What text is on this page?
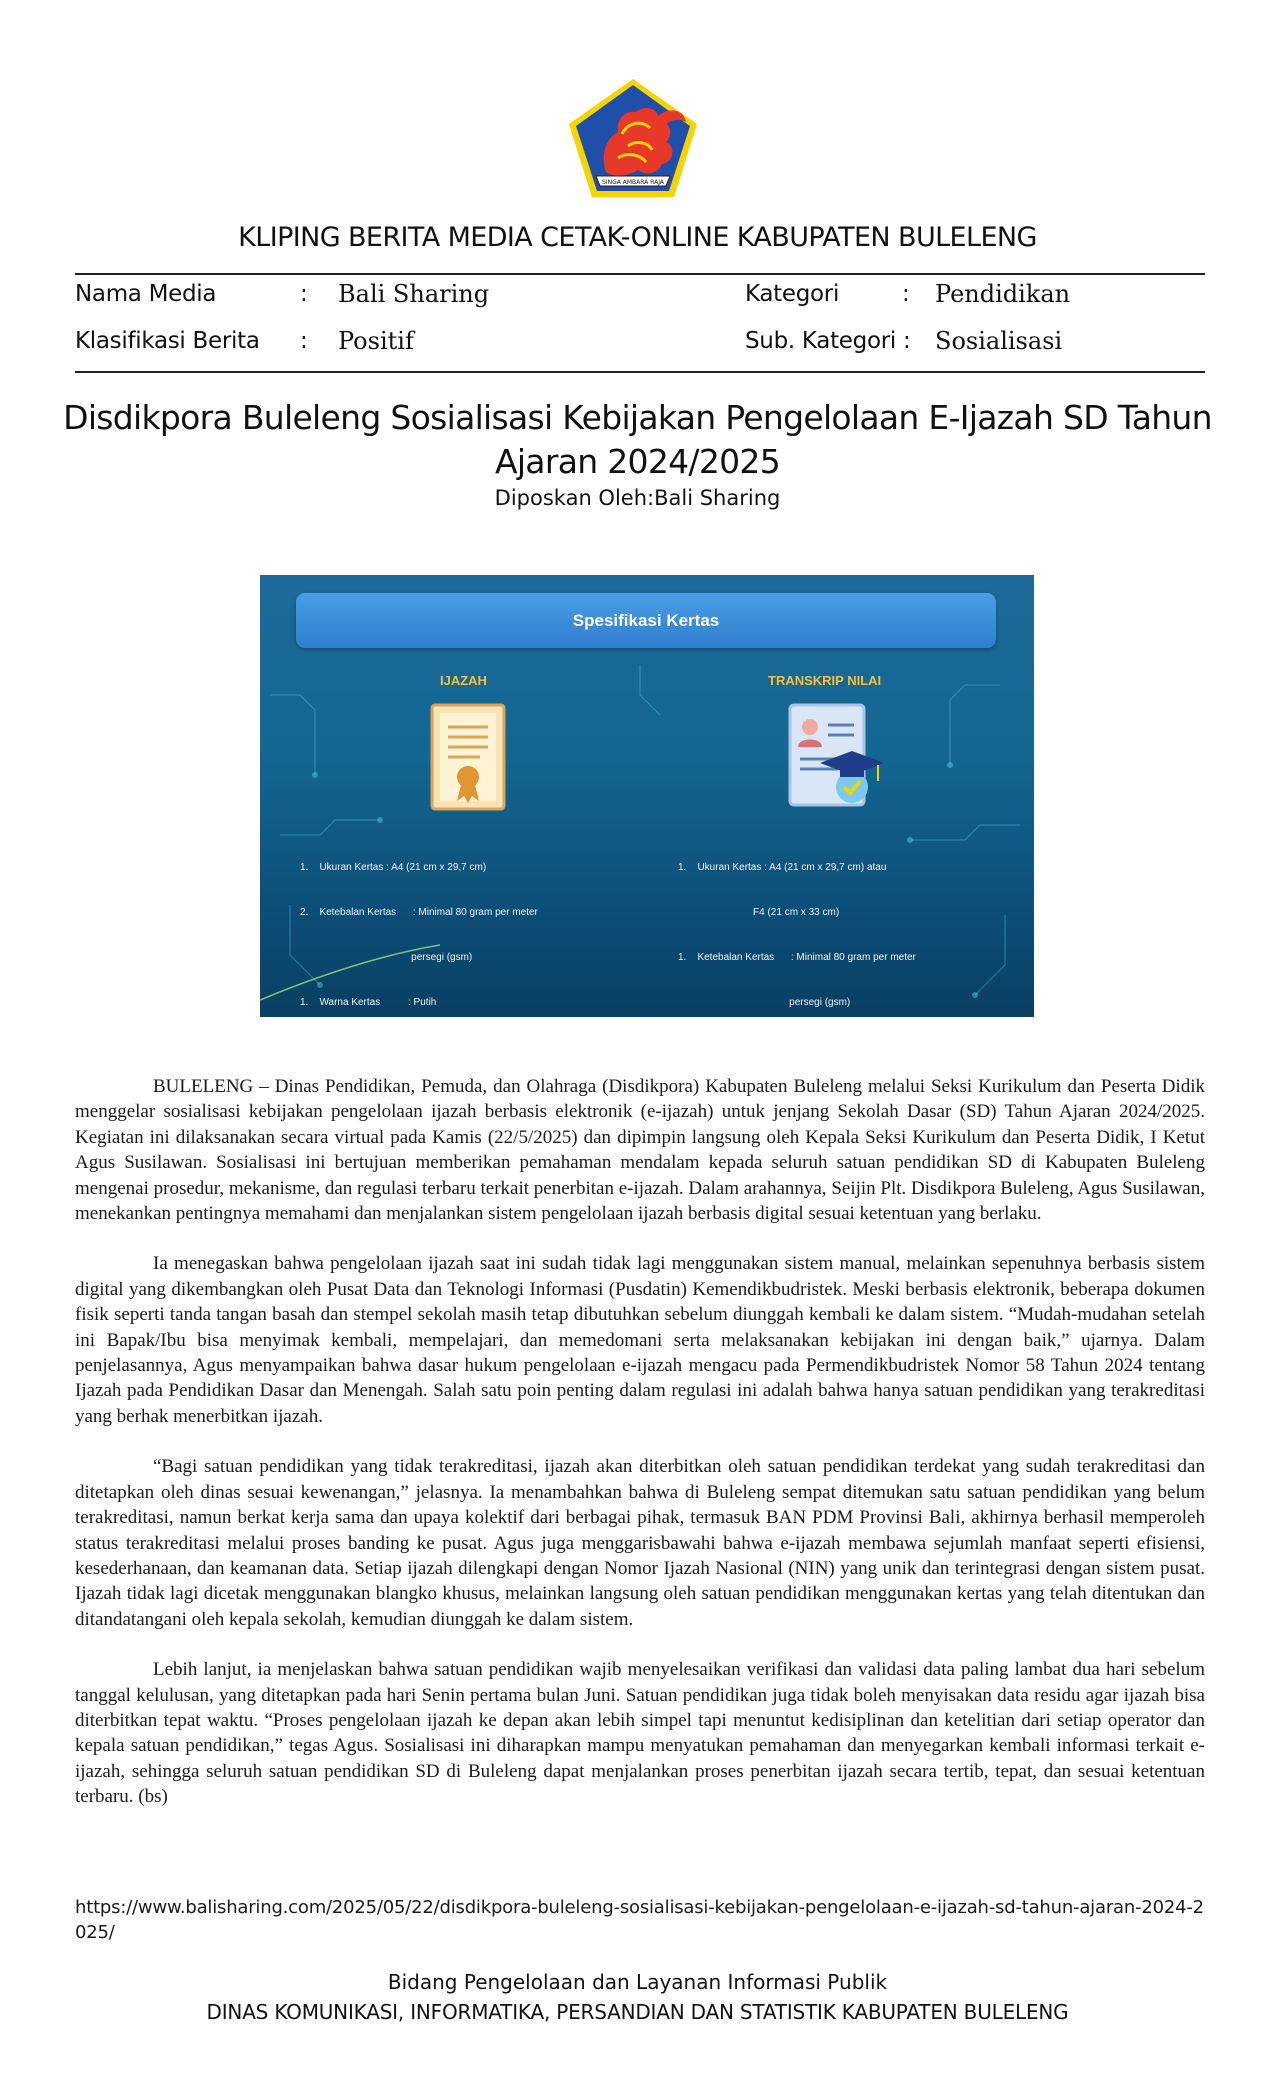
SINGA AMBARA RAJA
KLIPING BERITA MEDIA CETAK-ONLINE KABUPATEN BULELENG
Nama Media	: Bali Sharing
Klasifikasi Berita : Positif
Kategori	: Pendidikan
Sub. Kategori : Sosialisasi
Disdikpora Buleleng Sosialisasi Kebijakan Pengelolaan E-Ijazah SD Tahun Ajaran 2024/2025
Diposkan Oleh:Bali Sharing
Spesifikasi Kertas
IJAZAH	TRANSKRIP NILAI

1.    Ukuran Kertas : A4 (21 cm x 29,7 cm)

2.    Ketebalan Kertas      : Minimal 80 gram per meter

persegi (gsm)

1.    Warna Kertas          : Putih

1.    Ukuran Kertas : A4 (21 cm x 29,7 cm) atau

F4 (21 cm x 33 cm)

1.    Ketebalan Kertas      : Minimal 80 gram per meter

persegi (gsm)

BULELENG – Dinas Pendidikan, Pemuda, dan Olahraga (Disdikpora) Kabupaten Buleleng melalui Seksi Kurikulum dan Peserta Didik menggelar sosialisasi kebijakan pengelolaan ijazah berbasis elektronik (e-ijazah) untuk jenjang Sekolah Dasar (SD) Tahun Ajaran 2024/2025. Kegiatan ini dilaksanakan secara virtual pada Kamis (22/5/2025) dan dipimpin langsung oleh Kepala Seksi Kurikulum dan Peserta Didik, I Ketut Agus Susilawan. Sosialisasi ini bertujuan memberikan pemahaman mendalam kepada seluruh satuan pendidikan SD di Kabupaten Buleleng mengenai prosedur, mekanisme, dan regulasi terbaru terkait penerbitan e-ijazah. Dalam arahannya, Seijin Plt. Disdikpora Buleleng, Agus Susilawan, menekankan pentingnya memahami dan menjalankan sistem pengelolaan ijazah berbasis digital sesuai ketentuan yang berlaku.

Ia menegaskan bahwa pengelolaan ijazah saat ini sudah tidak lagi menggunakan sistem manual, melainkan sepenuhnya berbasis sistem digital yang dikembangkan oleh Pusat Data dan Teknologi Informasi (Pusdatin) Kemendikbudristek. Meski berbasis elektronik, beberapa dokumen fisik seperti tanda tangan basah dan stempel sekolah masih tetap dibutuhkan sebelum diunggah kembali ke dalam sistem. “Mudah-mudahan setelah ini Bapak/Ibu bisa menyimak kembali, mempelajari, dan memedomani serta melaksanakan kebijakan ini dengan baik,” ujarnya. Dalam penjelasannya, Agus menyampaikan bahwa dasar hukum pengelolaan e-ijazah mengacu pada Permendikbudristek Nomor 58 Tahun 2024 tentang Ijazah pada Pendidikan Dasar dan Menengah. Salah satu poin penting dalam regulasi ini adalah bahwa hanya satuan pendidikan yang terakreditasi yang berhak menerbitkan ijazah.

“Bagi satuan pendidikan yang tidak terakreditasi, ijazah akan diterbitkan oleh satuan pendidikan terdekat yang sudah terakreditasi dan ditetapkan oleh dinas sesuai kewenangan,” jelasnya. Ia menambahkan bahwa di Buleleng sempat ditemukan satu satuan pendidikan yang belum terakreditasi, namun berkat kerja sama dan upaya kolektif dari berbagai pihak, termasuk BAN PDM Provinsi Bali, akhirnya berhasil memperoleh status terakreditasi melalui proses banding ke pusat. Agus juga menggarisbawahi bahwa e-ijazah membawa sejumlah manfaat seperti efisiensi, kesederhanaan, dan keamanan data. Setiap ijazah dilengkapi dengan Nomor Ijazah Nasional (NIN) yang unik dan terintegrasi dengan sistem pusat. Ijazah tidak lagi dicetak menggunakan blangko khusus, melainkan langsung oleh satuan pendidikan menggunakan kertas yang telah ditentukan dan ditandatangani oleh kepala sekolah, kemudian diunggah ke dalam sistem.

Lebih lanjut, ia menjelaskan bahwa satuan pendidikan wajib menyelesaikan verifikasi dan validasi data paling lambat dua hari sebelum tanggal kelulusan, yang ditetapkan pada hari Senin pertama bulan Juni. Satuan pendidikan juga tidak boleh menyisakan data residu agar ijazah bisa diterbitkan tepat waktu. “Proses pengelolaan ijazah ke depan akan lebih simpel tapi menuntut kedisiplinan dan ketelitian dari setiap operator dan kepala satuan pendidikan,” tegas Agus. Sosialisasi ini diharapkan mampu menyatukan pemahaman dan menyegarkan kembali informasi terkait e-ijazah, sehingga seluruh satuan pendidikan SD di Buleleng dapat menjalankan proses penerbitan ijazah secara tertib, tepat, dan sesuai ketentuan terbaru. (bs)

https://www.balisharing.com/2025/05/22/disdikpora-buleleng-sosialisasi-kebijakan-pengelolaan-e-ijazah-sd-tahun-ajaran-2024-2025/
Bidang Pengelolaan dan Layanan Informasi Publik
DINAS KOMUNIKASI, INFORMATIKA, PERSANDIAN DAN STATISTIK KABUPATEN BULELENG
